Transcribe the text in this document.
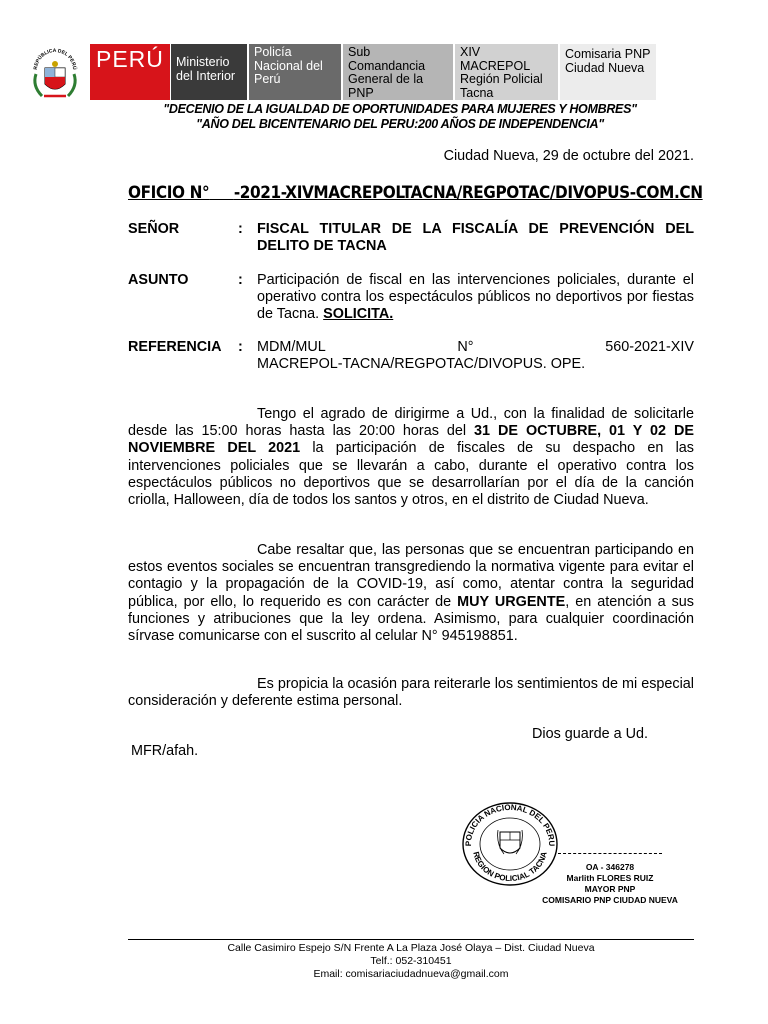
REPÚBLICA DEL PERÚ PERÚ Ministerio del Interior
Policía Nacional del Perú
Sub Comandancia General de la PNP
XIV MACREPOL Región Policial Tacna
Comisaria PNP Ciudad Nueva
"DECENIO DE LA IGUALDAD DE OPORTUNIDADES PARA MUJERES Y HOMBRES"
"AÑO DEL BICENTENARIO DEL PERU:200 AÑOS DE INDEPENDENCIA"
Ciudad Nueva, 29 de octubre del 2021.
OFICIO N° -2021-XIVMACREPOLTACNA/REGPOTAC/DIVOPUS-COM.CN
SEÑOR	: FISCAL TITULAR DE LA FISCALÍA DE PREVENCIÓN DEL DELITO DE TACNA
ASUNTO	: Participación de fiscal en las intervenciones policiales, durante el operativo contra los espectáculos públicos no deportivos por fiestas de Tacna. SOLICITA.
REFERENCIA : MDM/MUL	N°	560-2021-XIV
MACREPOL-TACNA/REGPOTAC/DIVOPUS. OPE.
Tengo el agrado de dirigirme a Ud., con la finalidad de solicitarle desde las 15:00 horas hasta las 20:00 horas del 31 DE OCTUBRE, 01 Y 02 DE NOVIEMBRE DEL 2021 la participación de fiscales de su despacho en las intervenciones policiales que se llevarán a cabo, durante el operativo contra los espectáculos públicos no deportivos que se desarrollarían por el día de la canción criolla, Halloween, día de todos los santos y otros, en el distrito de Ciudad Nueva.
Cabe resaltar que, las personas que se encuentran participando en estos eventos sociales se encuentran transgrediendo la normativa vigente para evitar el contagio y la propagación de la COVID-19, así como, atentar contra la seguridad pública, por ello, lo requerido es con carácter de MUY URGENTE, en atención a sus funciones y atribuciones que la ley ordena. Asimismo, para cualquier coordinación sírvase comunicarse con el suscrito al celular N° 945198851.
Es propicia la ocasión para reiterarle los sentimientos de mi especial consideración y deferente estima personal.
Dios guarde a Ud.
MFR/afah.
POLICIA NACIONAL DEL PERU
REGION POLICIAL TACNA
OA - 346278
Marlith FLORES RUIZ
MAYOR PNP
COMISARIO PNP CIUDAD NUEVA
Calle Casimiro Espejo S/N Frente A La Plaza José Olaya – Dist. Ciudad Nueva
Telf.: 052-310451
Email: comisariaciudadnueva@gmail.com
